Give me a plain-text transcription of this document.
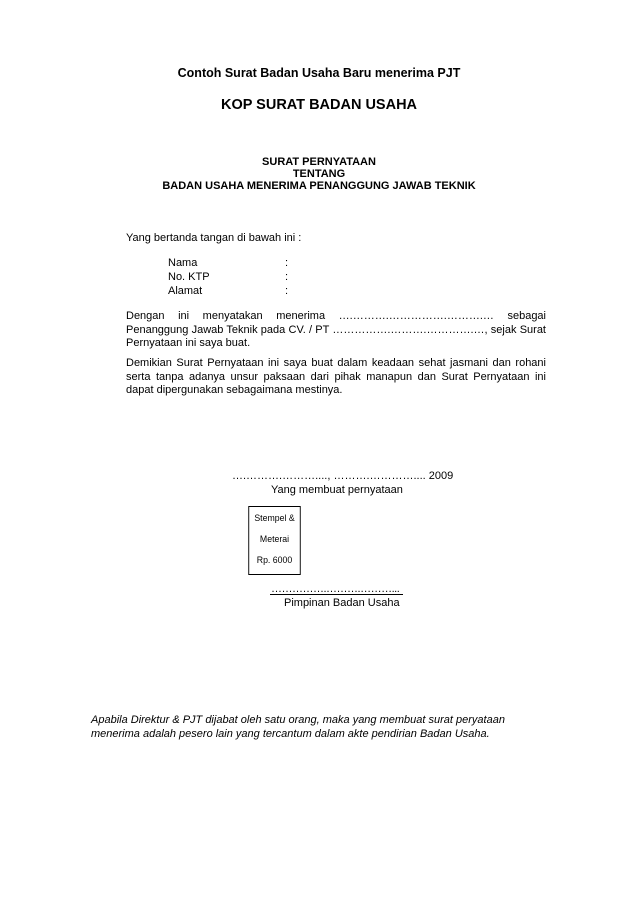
Contoh Surat Badan Usaha Baru menerima PJT
KOP SURAT BADAN USAHA
SURAT PERNYATAAN
TENTANG
BADAN USAHA MENERIMA PENANGGUNG JAWAB TEKNIK
Yang bertanda tangan di bawah ini :
Nama	:
No. KTP	:
Alamat	:
Dengan ini menyatakan menerima ….……….…………….……….… sebagai Penanggung Jawab Teknik pada CV. / PT …………….……….………….…, sejak Surat Pernyataan ini saya buat.
Demikian Surat Pernyataan ini saya buat dalam keadaan sehat jasmani dan rohani serta tanpa adanya unsur paksaan dari pihak manapun dan Surat Pernyataan ini dapat dipergunakan sebagaimana mestinya.
….……….………...., ……….………….... 2009
Yang membuat pernyataan
Stempel &
Meterai
Rp. 6000
…………….……….………...
Pimpinan Badan Usaha
Apabila Direktur & PJT dijabat oleh satu orang, maka yang membuat surat peryataan menerima adalah pesero lain yang tercantum dalam akte pendirian Badan Usaha.
